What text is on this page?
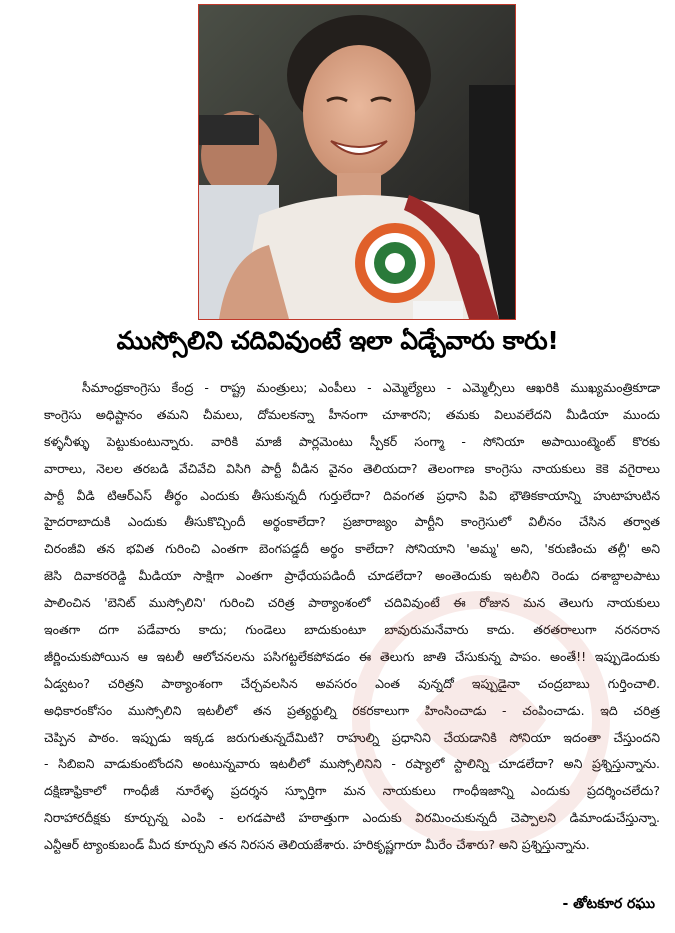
ముస్సోలిని చదివివుంటే ఇలా ఏడ్చేవారు కారు!

సీమాంధ్రకాంగ్రెసు కేంద్ర - రాష్ట్ర మంత్రులు; ఎంపీలు - ఎమ్మెల్యేలు - ఎమ్మెల్సీలు ఆఖరికి ముఖ్యమంత్రికూడా

కాంగ్రెసు అధిష్టానం తమని చీమలు, దోమలకన్నా హీనంగా చూశారని; తమకు విలువలేదని మీడియా ముందు

కళ్ళనీళ్ళు పెట్టుకుంటున్నారు. వారికి మాజీ పార్లమెంటు స్పీకర్ సంగ్మా - సోనియా అపాయింట్మెంట్ కొరకు

వారాలు, నెలల తరబడి వేచివేచి విసిగి పార్టీ వీడిన వైనం తెలియదా? తెలంగాణ కాంగ్రెసు నాయకులు కెకె వగైరాలు

పార్టీ వీడి టిఆర్ఎస్ తీర్థం ఎందుకు తీసుకున్నదీ గుర్తులేదా? దివంగత ప్రధాని పివి భౌతికకాయాన్ని హుటాహుటిన

హైదరాబాదుకి ఎందుకు తీసుకొచ్చిందీ అర్థంకాలేదా? ప్రజారాజ్యం పార్టీని కాంగ్రెసులో విలీనం చేసిన తర్వాత

చిరంజీవి తన భవిత గురించి ఎంతగా బెంగపడ్డదీ అర్థం కాలేదా? సోనియాని 'అమ్మ' అని, 'కరుణించు తల్లీ' అని

జెసి దివాకరరెడ్డి మీడియా సాక్షిగా ఎంతగా ప్రాధేయపడిందీ చూడలేదా? అంతెందుకు ఇటలీని రెండు దశాబ్దాలపాటు

పాలించిన 'బెనిట్ ముస్సోలిని' గురించి చరిత్ర పాఠ్యాంశంలో చదివివుంటే ఈ రోజున మన తెలుగు నాయకులు

ఇంతగా దగా పడేవారు కాదు; గుండెలు బాదుకుంటూ బావురుమనేవారు కాదు. తరతరాలుగా నరనరాన

జీర్ణించుకుపోయిన ఆ ఇటలీ ఆలోచనలను పసిగట్టలేకపోవడం ఈ తెలుగు జాతి చేసుకున్న పాపం. అంతే!! ఇప్పుడెందుకు

ఏడ్వటం? చరిత్రని పాఠ్యాంశంగా చేర్చవలసిన అవసరం ఎంత వున్నదో ఇప్పుడైనా చంద్రబాబు గుర్తించాలి.

అధికారంకోసం ముస్సోలిని ఇటలీలో తన ప్రత్యర్థుల్ని రకరకాలుగా హింసించాడు - చంపించాడు. ఇది చరిత్ర

చెప్పిన పాఠం. ఇప్పుడు ఇక్కడ జరుగుతున్నదేమిటి? రాహుల్ని ప్రధానిని చేయడానికి సోనియా ఇదంతా చేస్తుందని

- సిబిఐని వాడుకుంటోందని అంటున్నవారు ఇటలీలో ముస్సోలినిని - రష్యాలో స్టాలిన్ని చూడలేదా? అని ప్రశ్నిస్తున్నాను.

దక్షిణాఫ్రికాలో గాంధీజీ నూరేళ్ళ ప్రదర్శన స్ఫూర్తిగా మన నాయకులు గాంధీఇజాన్ని ఎందుకు ప్రదర్శించలేదు?

నిరాహారదీక్షకు కూర్చున్న ఎంపి - లగడపాటి హఠాత్తుగా ఎందుకు విరమించుకున్నదీ చెప్పాలని డిమాండుచేస్తున్నా.

ఎన్టీఆర్ ట్యాంకుబండ్ మీద కూర్చుని తన నిరసన తెలియజేశారు. హరికృష్ణగారూ మీరేం చేశారు? అని ప్రశ్నిస్తున్నాను.

- తోటకూర రఘు
